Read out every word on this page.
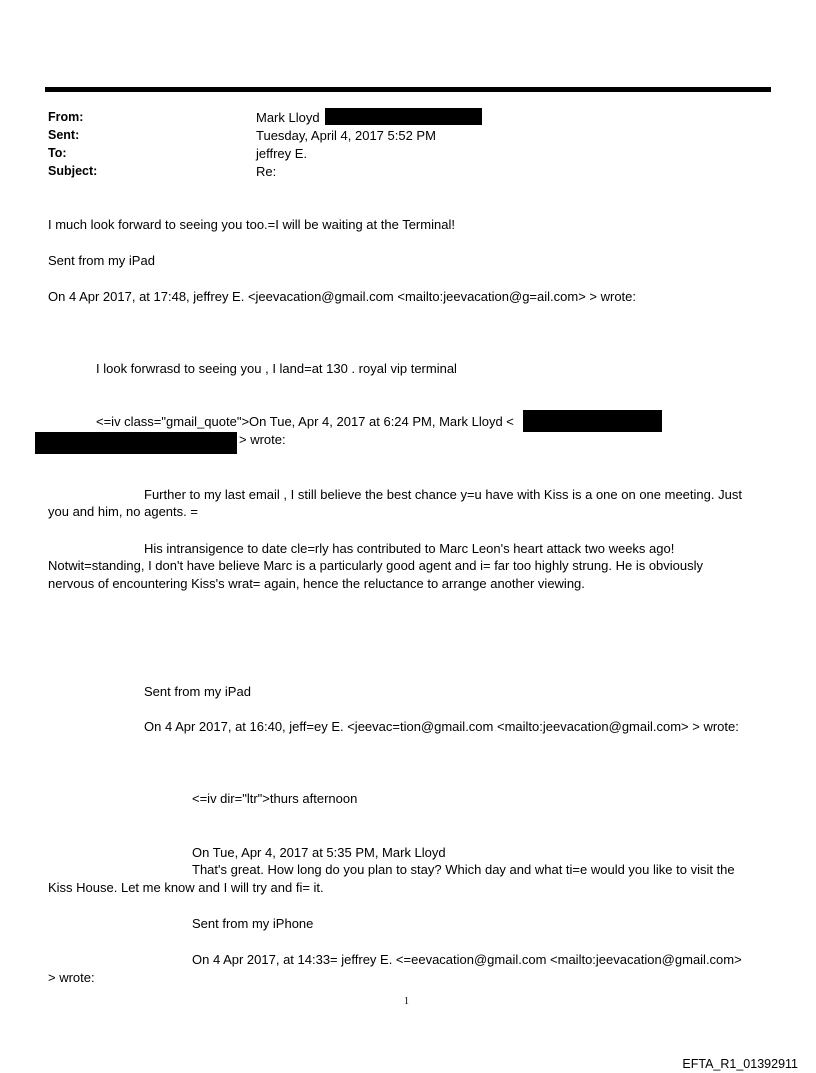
From:	Mark Lloyd
Sent:	Tuesday, April 4, 2017 5:52 PM
To:	jeffrey E.
Subject:	Re:
I much look forward to seeing you too.=I will be waiting at the Terminal!
Sent from my iPad
On 4 Apr 2017, at 17:48, jeffrey E. <jeevacation@gmail.com <mailto:jeevacation@g=ail.com> > wrote:
I look forwrasd to seeing you , I land=at 130 . royal vip terminal
<=iv class="gmail_quote">On Tue, Apr 4, 2017 at 6:24 PM, Mark Lloyd <
> wrote:
Further to my last email , I still believe the best chance y=u have with Kiss is a one on one meeting. Just
you and him, no agents. =
His intransigence to date cle=rly has contributed to Marc Leon's heart attack two weeks ago!
Notwit=standing, I don't have believe Marc is a particularly good agent and i= far too highly strung. He is obviously
nervous of encountering Kiss's wrat= again, hence the reluctance to arrange another viewing.
Sent from my iPad
On 4 Apr 2017, at 16:40, jeff=ey E. <jeevac=tion@gmail.com <mailto:jeevacation@gmail.com> > wrote:
<=iv dir="ltr">thurs afternoon
On Tue, Apr 4, 2017 at 5:35 PM, Mark Lloyd
That's great. How long do you plan to stay? Which day and what ti=e would you like to visit the
Kiss House. Let me know and I will try and fi= it.
Sent from my iPhone
On 4 Apr 2017, at 14:33= jeffrey E. <=eevacation@gmail.com <mailto:jeevacation@gmail.com>
> wrote:
1
EFTA_R1_01392911
